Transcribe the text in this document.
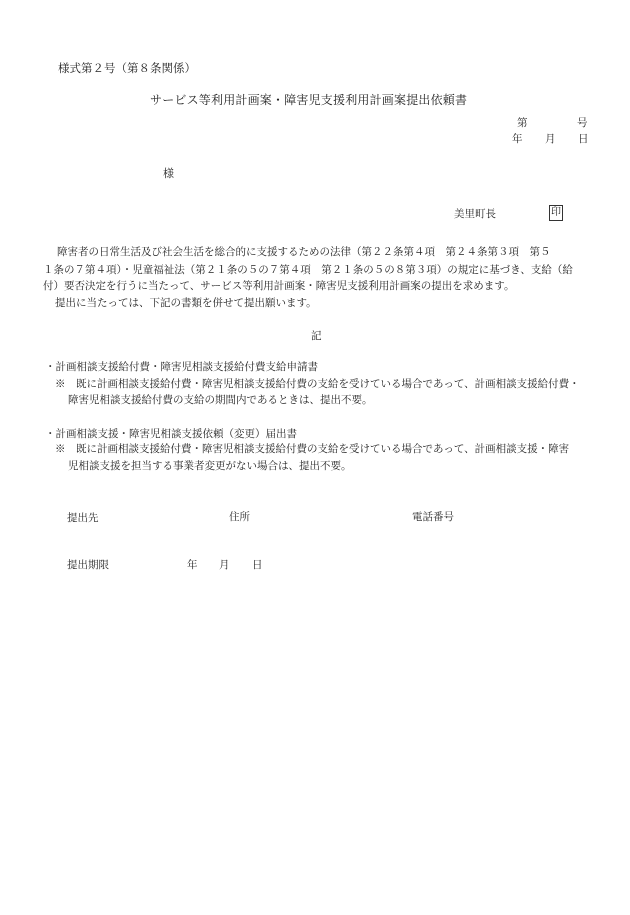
様式第２号（第８条関係）
サービス等利用計画案・障害児支援利用計画案提出依頼書
第	号
年 月 日
様
美里町長	印
障害者の日常生活及び社会生活を総合的に支援するための法律（第２２条第４項　第２４条第３項　第５
１条の７第４項）・児童福祉法（第２１条の５の７第４項　第２１条の５の８第３項）の規定に基づき、支給（給
付）要否決定を行うに当たって、サービス等利用計画案・障害児支援利用計画案の提出を求めます。
提出に当たっては、下記の書類を併せて提出願います。
記
・計画相談支援給付費・障害児相談支援給付費支給申請書
※　既に計画相談支援給付費・障害児相談支援給付費の支給を受けている場合であって、計画相談支援給付費・
障害児相談支援給付費の支給の期間内であるときは、提出不要。
・計画相談支援・障害児相談支援依頼（変更）届出書
※　既に計画相談支援給付費・障害児相談支援給付費の支給を受けている場合であって、計画相談支援・障害
児相談支援を担当する事業者変更がない場合は、提出不要。
提出先	住所	電話番号
提出期限	年 月 日
